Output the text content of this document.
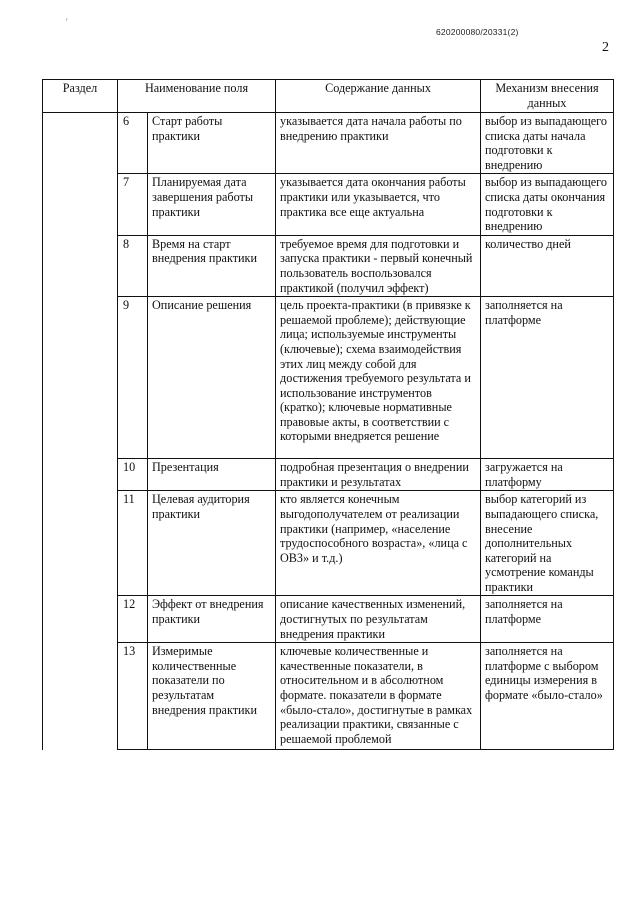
'
620200080/20331(2)
2
Раздел	Наименование поля		Содержание данных	Механизм внесения данных
	6	Старт работы практики	указывается дата начала работы по внедрению практики	выбор из выпадающего списка даты начала подготовки к внедрению
	7	Планируемая дата завершения работы практики	указывается дата окончания работы практики или указывается, что практика все еще актуальна	выбор из выпадающего списка даты окончания подготовки к внедрению
	8	Время на старт внедрения практики	требуемое время для подготовки и запуска практики - первый конечный пользователь воспользовался практикой (получил эффект)	количество дней
	9	Описание решения	цель проекта-практики (в привязке к решаемой проблеме); действующие лица; используемые инструменты (ключевые); схема взаимодействия этих лиц между собой для достижения требуемого результата и использование инструментов (кратко); ключевые нормативные правовые акты, в соответствии с которыми внедряется решение	заполняется на платформе
	10	Презентация	подробная презентация о внедрении практики и результатах	загружается на платформу
	11	Целевая аудитория практики	кто является конечным выгодополучателем от реализации практики (например, «население трудоспособного возраста», «лица с ОВЗ» и т.д.)	выбор категорий из выпадающего списка, внесение дополнительных категорий на усмотрение команды практики
	12	Эффект от внедрения практики	описание качественных изменений, достигнутых по результатам внедрения практики	заполняется на платформе
	13	Измеримые количественные показатели по результатам внедрения практики	ключевые количественные и качественные показатели, в относительном и в абсолютном формате. показатели в формате «было-стало», достигнутые в рамках реализации практики, связанные с решаемой проблемой	заполняется на платформе с выбором единицы измерения в формате «было-стало»
